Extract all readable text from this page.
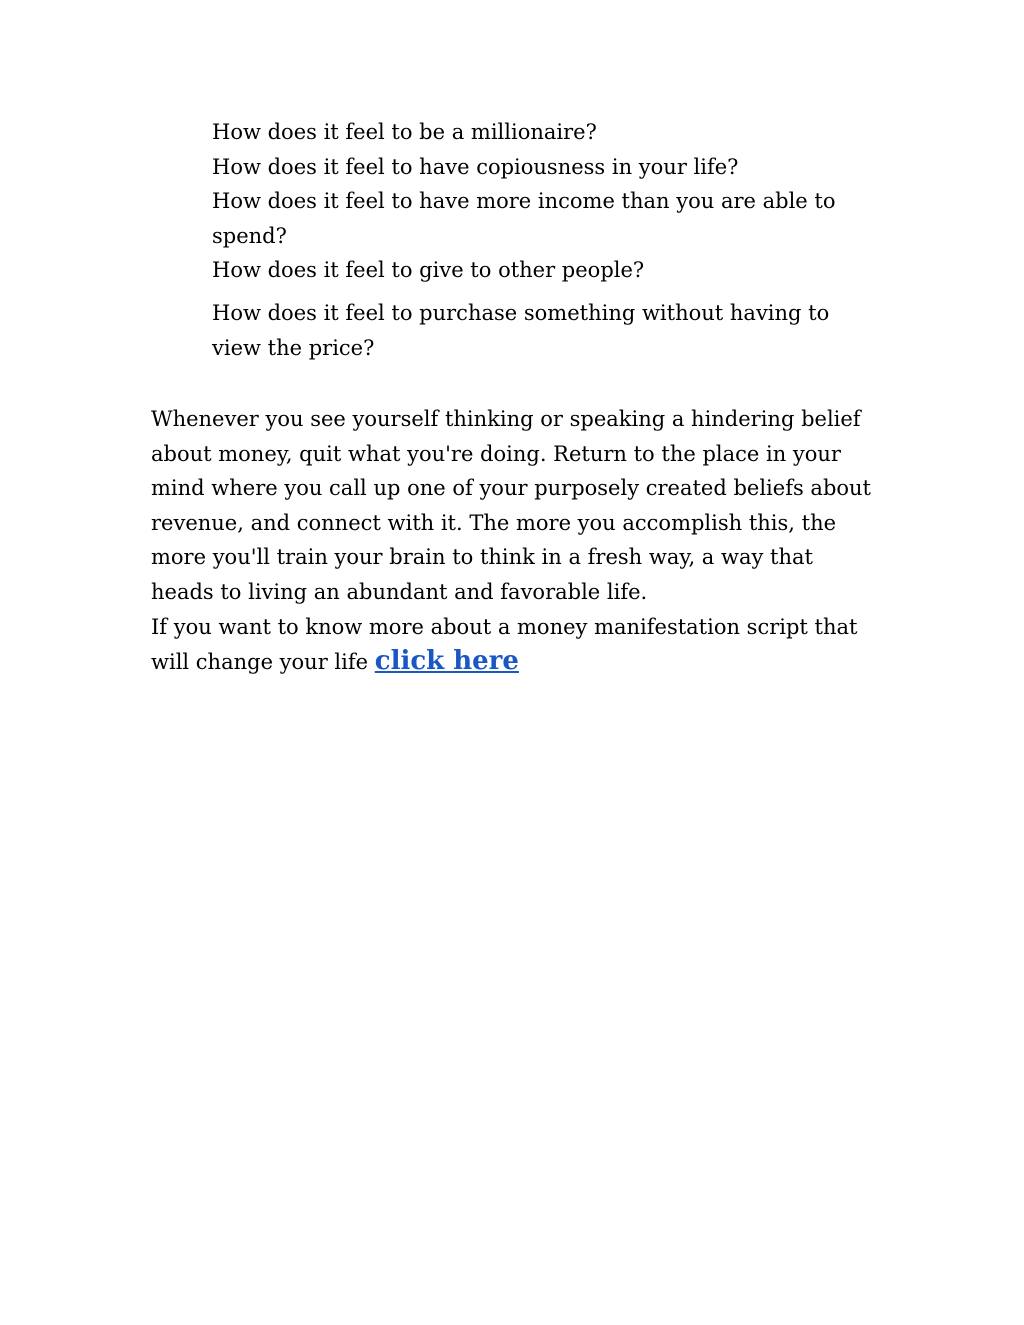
How does it feel to be a millionaire?
How does it feel to have copiousness in your life?
How does it feel to have more income than you are able to spend?
How does it feel to give to other people?
How does it feel to purchase something without having to view the price?

Whenever you see yourself thinking or speaking a hindering belief about money, quit what you're doing. Return to the place in your mind where you call up one of your purposely created beliefs about revenue, and connect with it. The more you accomplish this, the more you'll train your brain to think in a fresh way, a way that heads to living an abundant and favorable life.

If you want to know more about a money manifestation script that will change your life click here
